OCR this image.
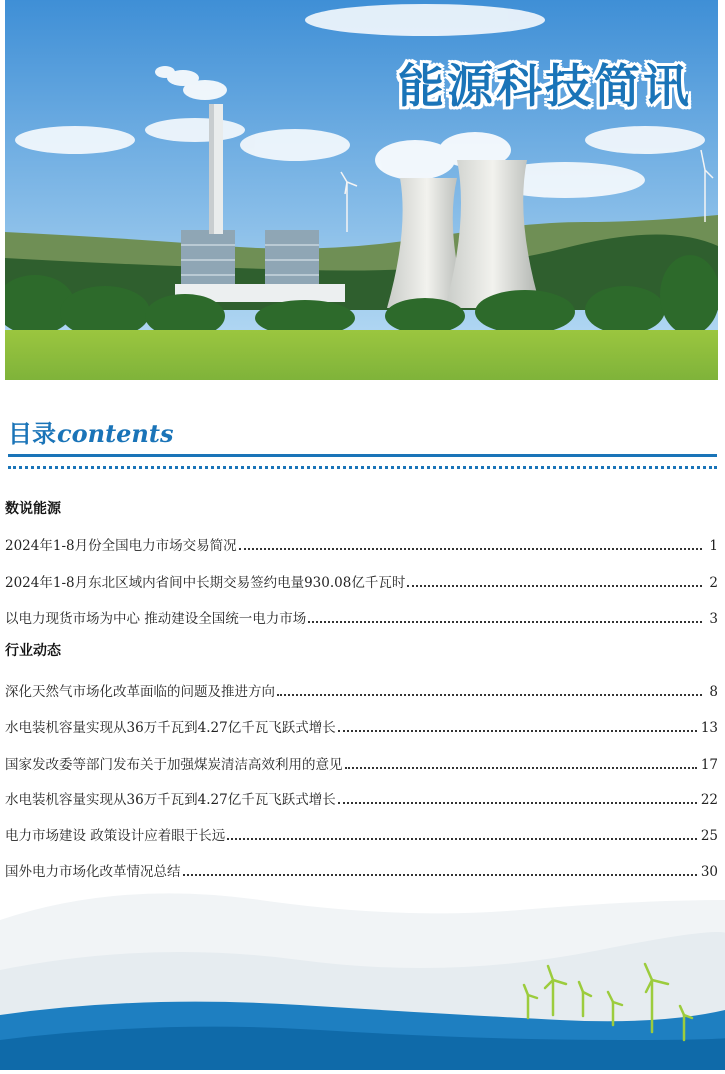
能源科技简讯
目录 contents
数说能源
2024年1-8月份全国电力市场交易简况	1
2024年1-8月东北区域内省间中长期交易签约电量930.08亿千瓦时	2
以电力现货市场为中心 推动建设全国统一电力市场	3
行业动态
深化天然气市场化改革面临的问题及推进方向	8
水电装机容量实现从36万千瓦到4.27亿千瓦飞跃式增长	13
国家发改委等部门发布关于加强煤炭清洁高效利用的意见	17
水电装机容量实现从36万千瓦到4.27亿千瓦飞跃式增长	22
电力市场建设 政策设计应着眼于长远	25
国外电力市场化改革情况总结	30
